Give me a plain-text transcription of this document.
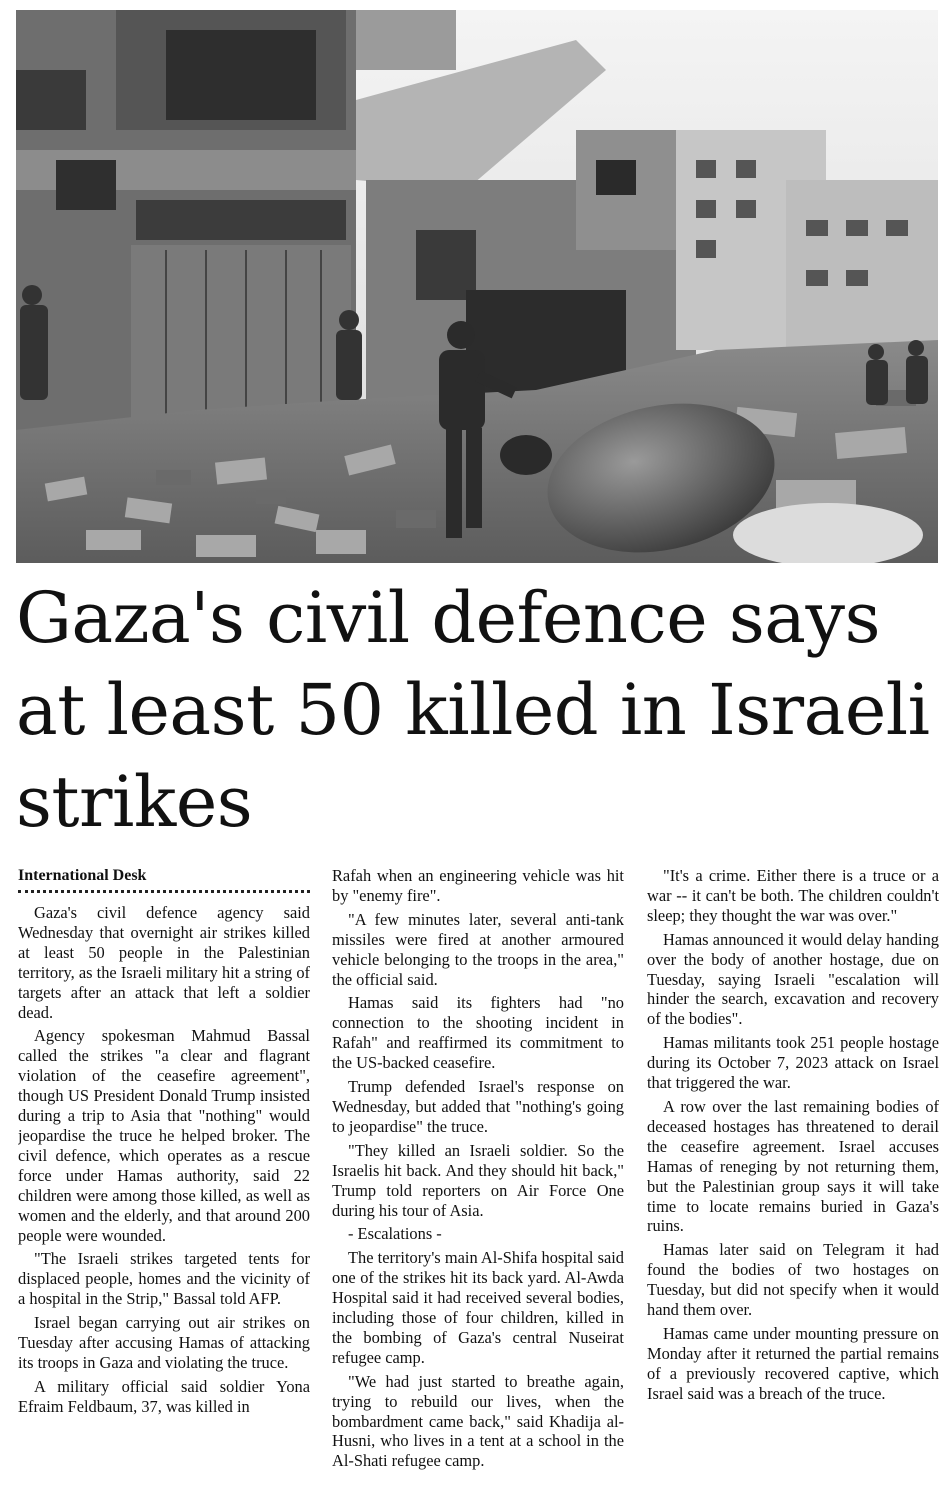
Gaza's civil defence says at least 50 killed in Israeli strikes
International Desk

Gaza's civil defence agency said Wednesday that overnight air strikes killed at least 50 people in the Palestinian territory, as the Israeli military hit a string of targets after an attack that left a soldier dead.

Agency spokesman Mahmud Bassal called the strikes "a clear and flagrant violation of the ceasefire agreement", though US President Donald Trump insisted during a trip to Asia that "nothing" would jeopardise the truce he helped broker. The civil defence, which operates as a rescue force under Hamas authority, said 22 children were among those killed, as well as women and the elderly, and that around 200 people were wounded.

"The Israeli strikes targeted tents for displaced people, homes and the vicinity of a hospital in the Strip," Bassal told AFP.

Israel began carrying out air strikes on Tuesday after accusing Hamas of attacking its troops in Gaza and violating the truce.

A military official said soldier Yona Efraim Feldbaum, 37, was killed in

Rafah when an engineering vehicle was hit by "enemy fire".

"A few minutes later, several anti-tank missiles were fired at another armoured vehicle belonging to the troops in the area," the official said.

Hamas said its fighters had "no connection to the shooting incident in Rafah" and reaffirmed its commitment to the US-backed ceasefire.

Trump defended Israel's response on Wednesday, but added that "nothing's going to jeopardise" the truce.

"They killed an Israeli soldier. So the Israelis hit back. And they should hit back," Trump told reporters on Air Force One during his tour of Asia.

- Escalations -

The territory's main Al-Shifa hospital said one of the strikes hit its back yard. Al-Awda Hospital said it had received several bodies, including those of four children, killed in the bombing of Gaza's central Nuseirat refugee camp.

"We had just started to breathe again, trying to rebuild our lives, when the bombardment came back," said Khadija al-Husni, who lives in a tent at a school in the Al-Shati refugee camp.

"It's a crime. Either there is a truce or a war -- it can't be both. The children couldn't sleep; they thought the war was over."

Hamas announced it would delay handing over the body of another hostage, due on Tuesday, saying Israeli "escalation will hinder the search, excavation and recovery of the bodies".

Hamas militants took 251 people hostage during its October 7, 2023 attack on Israel that triggered the war.

A row over the last remaining bodies of deceased hostages has threatened to derail the ceasefire agreement. Israel accuses Hamas of reneging by not returning them, but the Palestinian group says it will take time to locate remains buried in Gaza's ruins.

Hamas later said on Telegram it had found the bodies of two hostages on Tuesday, but did not specify when it would hand them over.

Hamas came under mounting pressure on Monday after it returned the partial remains of a previously recovered captive, which Israel said was a breach of the truce.
